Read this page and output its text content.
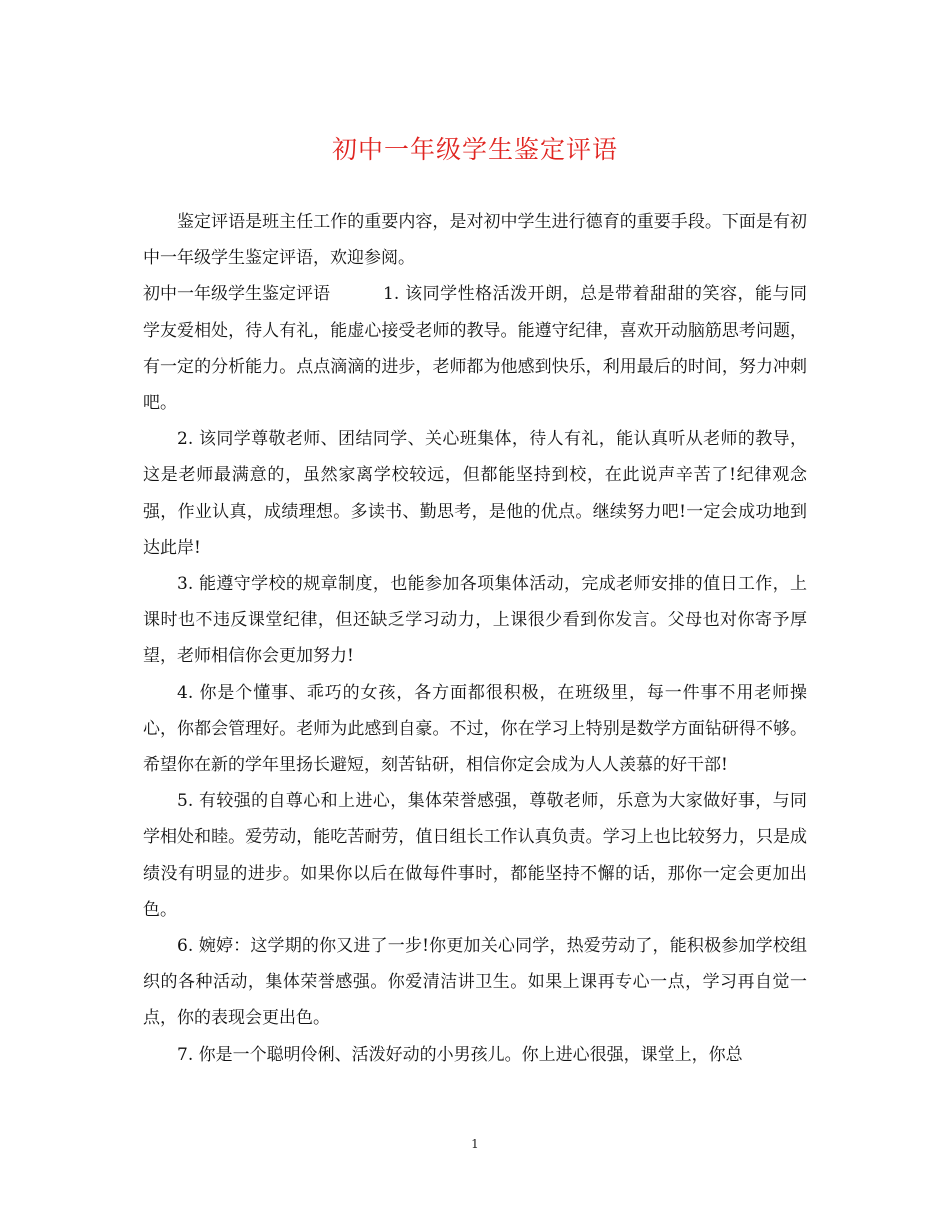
初中一年级学生鉴定评语

鉴定评语是班主任工作的重要内容，是对初中学生进行德育的重要手段。下面是有初中一年级学生鉴定评语，欢迎参阅。

初中一年级学生鉴定评语	1. 该同学性格活泼开朗，总是带着甜甜的笑容，能与同学友爱相处，待人有礼，能虚心接受老师的教导。能遵守纪律，喜欢开动脑筋思考问题，有一定的分析能力。点点滴滴的进步，老师都为他感到快乐，利用最后的时间，努力冲刺吧。

2. 该同学尊敬老师、团结同学、关心班集体，待人有礼，能认真听从老师的教导，这是老师最满意的，虽然家离学校较远，但都能坚持到校，在此说声辛苦了!纪律观念强，作业认真，成绩理想。多读书、勤思考，是他的优点。继续努力吧!一定会成功地到达此岸!

3. 能遵守学校的规章制度，也能参加各项集体活动，完成老师安排的值日工作，上课时也不违反课堂纪律，但还缺乏学习动力，上课很少看到你发言。父母也对你寄予厚望，老师相信你会更加努力!

4. 你是个懂事、乖巧的女孩，各方面都很积极，在班级里，每一件事不用老师操心，你都会管理好。老师为此感到自豪。不过，你在学习上特别是数学方面钻研得不够。希望你在新的学年里扬长避短，刻苦钻研，相信你定会成为人人羡慕的好干部!

5. 有较强的自尊心和上进心，集体荣誉感强，尊敬老师，乐意为大家做好事，与同学相处和睦。爱劳动，能吃苦耐劳，值日组长工作认真负责。学习上也比较努力，只是成绩没有明显的进步。如果你以后在做每件事时，都能坚持不懈的话，那你一定会更加出色。

6. 婉婷：这学期的你又进了一步!你更加关心同学，热爱劳动了，能积极参加学校组织的各种活动，集体荣誉感强。你爱清洁讲卫生。如果上课再专心一点，学习再自觉一点，你的表现会更出色。

7. 你是一个聪明伶俐、活泼好动的小男孩儿。你上进心很强，课堂上，你总

1
